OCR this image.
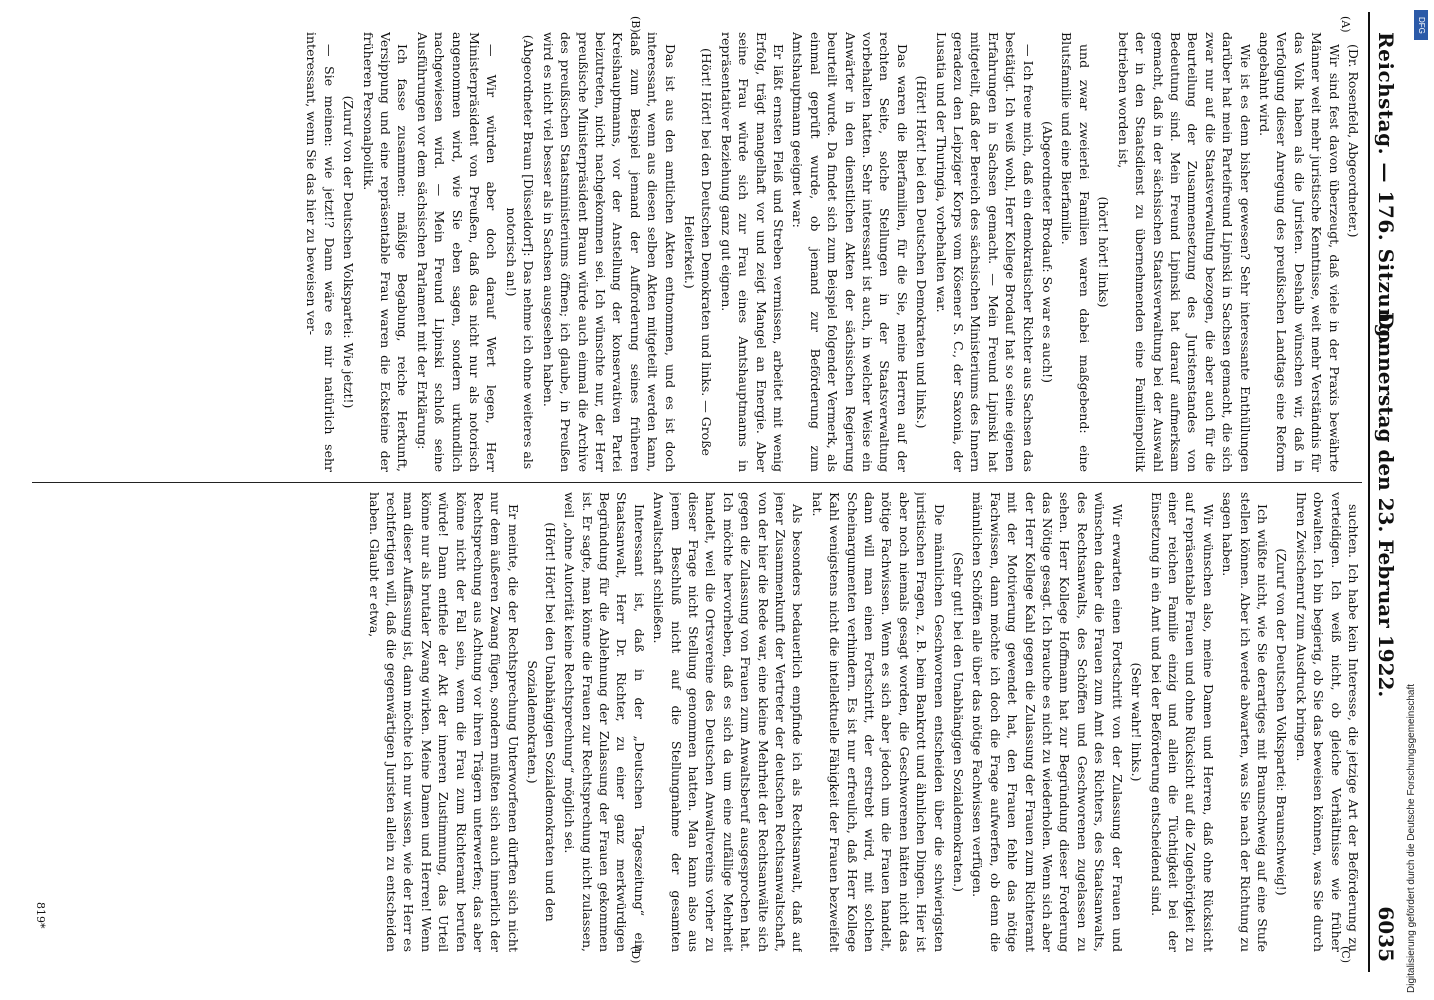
Reichstag. — 176. Sitzung.
Donnerstag den 23. Februar 1922.
6035

(Dr. Rosenfeld, Abgeordneter.)

Wir sind fest davon überzeugt, daß viele in der Praxis bewährte Männer weit mehr juristische Kenntnisse, weit mehr Verständnis für das Volk haben als die Juristen. Deshalb wünschen wir, daß in Verfolgung dieser Anregung des preußischen Landtags eine Reform angebahnt wird.

Wie ist es denn bisher gewesen? Sehr interessante Enthüllungen darüber hat mein Parteifreund Lipinski in Sachsen gemacht, die sich zwar nur auf die Staatsverwaltung bezogen, die aber auch für die Beurteilung der Zusammensetzung des Juristenstandes von Bedeutung sind. Mein Freund Lipinski hat darauf aufmerksam gemacht, daß in der sächsischen Staatsverwaltung bei der Auswahl der in den Staatsdienst zu übernehmenden eine Familienpolitik betrieben worden ist,

(hört! hört! links)

und zwar zweierlei Familien waren dabei maßgebend: eine Blutsfamilie und eine Bierfamilie.

(Abgeordneter Brodauf: So war es auch!)

— Ich freue mich, daß ein demokratischer Richter aus Sachsen das bestätigt. Ich weiß wohl, Herr Kollege Brodauf hat so seine eigenen Erfahrungen in Sachsen gemacht. — Mein Freund Lipinski hat mitgeteilt, daß der Bereich des sächsischen Ministeriums des Innern geradezu den Leipziger Korps vom Kösener S. C., der Saxonia, der Lusatia und der Thuringia, vorbehalten war.

(Hört! Hört! bei den Deutschen Demokraten und links.)

Das waren die Bierfamilien, für die Sie, meine Herren auf der rechten Seite, solche Stellungen in der Staatsverwaltung vorbehalten hatten. Sehr interessant ist auch, in welcher Weise ein Anwärter in den dienstlichen Akten der sächsischen Regierung beurteilt wurde. Da findet sich zum Beispiel folgender Vermerk, als einmal geprüft wurde, ob jemand zur Beförderung zum Amtshauptmann geeignet war:

Er läßt ernsten Fleiß und Streben vermissen, arbeitet mit wenig Erfolg, trägt mangelhaft vor und zeigt Mangel an Energie. Aber seine Frau würde sich zur Frau eines Amtshauptmanns in repräsentativer Beziehung ganz gut eignen.

(Hört! Hört! bei den Deutschen Demokraten und links. — Große Heiterkeit.)

Das ist aus den amtlichen Akten entnommen, und es ist doch interessant, wenn aus diesen selben Akten mitgeteilt werden kann, daß zum Beispiel jemand der Aufforderung seines früheren Kreishauptmanns, vor der Anstellung der konservativen Partei beizutreten, nicht nachgekommen sei. Ich wünschte nur, der Herr preußische Ministerpräsident Braun würde auch einmal die Archive des preußischen Staatsministeriums öffnen; ich glaube, in Preußen wird es nicht viel besser als in Sachsen ausgesehen haben.

(Abgeordneter Braun [Düsseldorf]: Das nehme ich ohne weiteres als notorisch an!)

— Wir würden aber doch darauf Wert legen, Herr Ministerpräsident von Preußen, daß das nicht nur als notorisch angenommen wird, wie Sie eben sagen, sondern urkundlich nachgewiesen wird. — Mein Freund Lipinski schloß seine Ausführungen vor dem sächsischen Parlament mit der Erklärung:

Ich fasse zusammen: mäßige Begabung, reiche Herkunft, Versippung und eine repräsentable Frau waren die Ecksteine der früheren Personalpolitik.

(Zuruf von der Deutschen Volkspartei: Wie jetzt!)

— Sie meinen: wie jetzt!? Dann wäre es mir natürlich sehr interessant, wenn Sie das hier zu beweisen ver-

suchten. Ich habe kein Interesse, die jetzige Art der Beförderung zu verteidigen. Ich weiß nicht, ob gleiche Verhältnisse wie früher obwalten. Ich bin begierig, ob Sie das beweisen können, was Sie durch Ihren Zwischenruf zum Ausdruck bringen.

(Zuruf von der Deutschen Volkspartei: Braunschweig!)

Ich wüßte nicht, wie Sie derartiges mit Braunschweig auf eine Stufe stellen können. Aber ich werde abwarten, was Sie nach der Richtung zu sagen haben.

Wir wünschen also, meine Damen und Herren, daß ohne Rücksicht auf repräsentable Frauen und ohne Rücksicht auf die Zugehörigkeit zu einer reichen Familie einzig und allein die Tüchtigkeit bei der Einsetzung in ein Amt und bei der Beförderung entscheidend sind.

(Sehr wahr! links.)

Wir erwarten einen Fortschritt von der Zulassung der Frauen und wünschen daher die Frauen zum Amt des Richters, des Staatsanwalts, des Rechtsanwalts, des Schöffen und Geschworenen zugelassen zu sehen. Herr Kollege Hoffmann hat zur Begründung dieser Forderung das Nötige gesagt. Ich brauche es nicht zu wiederholen. Wenn sich aber der Herr Kollege Kahl gegen die Zulassung der Frauen zum Richteramt mit der Motivierung gewendet hat, den Frauen fehle das nötige Fachwissen, dann möchte ich doch die Frage aufwerfen, ob denn die männlichen Schöffen alle über das nötige Fachwissen verfügen.

(Sehr gut! bei den Unabhängigen Sozialdemokraten.)

Die männlichen Geschworenen entscheiden über die schwierigsten juristischen Fragen, z. B. beim Bankrott und ähnlichen Dingen. Hier ist aber noch niemals gesagt worden, die Geschworenen hätten nicht das nötige Fachwissen. Wenn es sich aber jedoch um die Frauen handelt, dann will man einen Fortschritt, der erstrebt wird, mit solchen Scheinargumenten verhindern. Es ist nur erfreulich, daß Herr Kollege Kahl wenigstens nicht die intellektuelle Fähigkeit der Frauen bezweifelt hat.

Als besonders bedauerlich empfinde ich als Rechtsanwalt, daß auf jener Zusammenkunft der Vertreter der deutschen Rechtsanwaltschaft, von der hier die Rede war, eine kleine Mehrheit der Rechtsanwälte sich gegen die Zulassung von Frauen zum Anwaltsberuf ausgesprochen hat. Ich möchte hervorheben, daß es sich da um eine zufällige Mehrheit handelt, weil die Ortsvereine des Deutschen Anwaltvereins vorher zu dieser Frage nicht Stellung genommen hatten. Man kann also aus jenem Beschluß nicht auf die Stellungnahme der gesamten Anwaltschaft schließen.

Interessant ist, daß in der „Deutschen Tageszeitung“ ein Staatsanwalt, Herr Dr. Richter, zu einer ganz merkwürdigen Begründung für die Ablehnung der Zulassung der Frauen gekommen ist. Er sagte, man könne die Frauen zur Rechtsprechung nicht zulassen, weil „ohne Autorität keine Rechtsprechung“ möglich sei.

(Hört! Hört! bei den Unabhängigen Sozialdemokraten und den Sozialdemokraten.)

Er meinte, die der Rechtsprechung Unterworfenen dürften sich nicht nur dem äußeren Zwang fügen, sondern müßten sich auch innerlich der Rechtsprechung aus Achtung vor ihren Trägern unterwerfen; das aber könne nicht der Fall sein, wenn die Frau zum Richteramt berufen würde! Dann entfiele der Akt der inneren Zustimmung, das Urteil könne nur als brutaler Zwang wirken. Meine Damen und Herren! Wenn man dieser Auffassung ist, dann möchte ich nur wissen, wie der Herr es rechtfertigen will, daß die gegenwärtigen Juristen allein zu entscheiden haben. Glaubt er etwa,

(A)
(B)
(C)
(D)
819*	Digitalisierung gefördert durch die Deutsche Forschungsgemeinschaft
DFG
